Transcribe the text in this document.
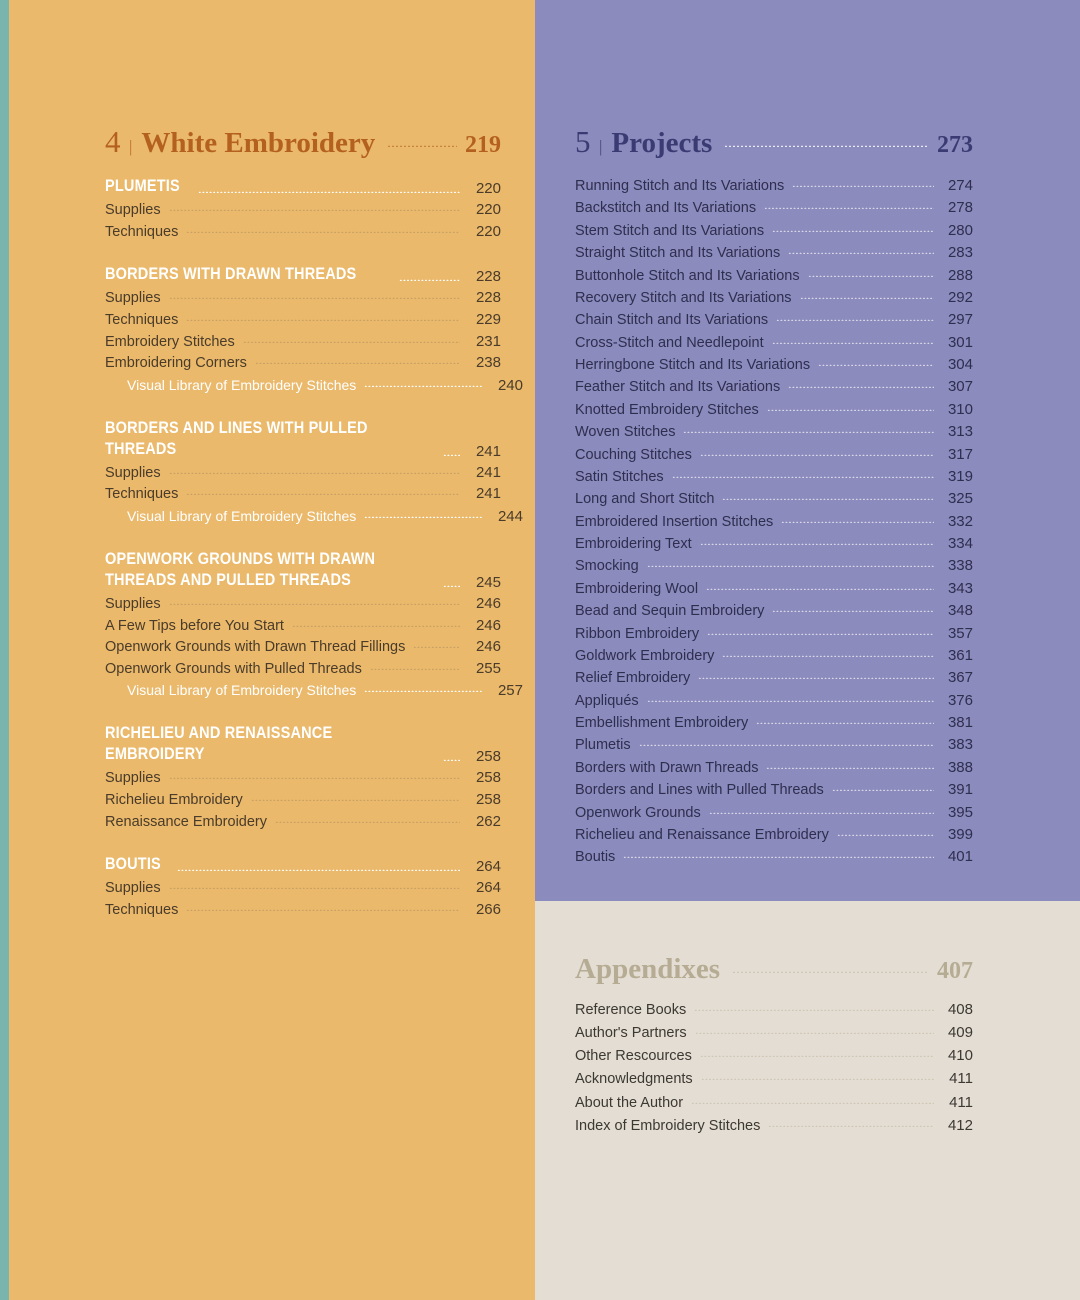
4 | White Embroidery	219
PLUMETIS	220
Supplies	220
Techniques	220
BORDERS WITH DRAWN THREADS	228
Supplies	228
Techniques	229
Embroidery Stitches	231
Embroidering Corners	238
Visual Library of Embroidery Stitches	240
BORDERS AND LINES WITH PULLED THREADS	241
Supplies	241
Techniques	241
Visual Library of Embroidery Stitches	244
OPENWORK GROUNDS WITH DRAWN THREADS AND PULLED THREADS	245
Supplies	246
A Few Tips before You Start	246
Openwork Grounds with Drawn Thread Fillings	246
Openwork Grounds with Pulled Threads	255
Visual Library of Embroidery Stitches	257
RICHELIEU AND RENAISSANCE EMBROIDERY	258
Supplies	258
Richelieu Embroidery	258
Renaissance Embroidery	262
BOUTIS	264
Supplies	264
Techniques	266
5 | Projects	273
Running Stitch and Its Variations	274
Backstitch and Its Variations	278
Stem Stitch and Its Variations	280
Straight Stitch and Its Variations	283
Buttonhole Stitch and Its Variations	288
Recovery Stitch and Its Variations	292
Chain Stitch and Its Variations	297
Cross-Stitch and Needlepoint	301
Herringbone Stitch and Its Variations	304
Feather Stitch and Its Variations	307
Knotted Embroidery Stitches	310
Woven Stitches	313
Couching Stitches	317
Satin Stitches	319
Long and Short Stitch	325
Embroidered Insertion Stitches	332
Embroidering Text	334
Smocking	338
Embroidering Wool	343
Bead and Sequin Embroidery	348
Ribbon Embroidery	357
Goldwork Embroidery	361
Relief Embroidery	367
Appliqués	376
Embellishment Embroidery	381
Plumetis	383
Borders with Drawn Threads	388
Borders and Lines with Pulled Threads	391
Openwork Grounds	395
Richelieu and Renaissance Embroidery	399
Boutis	401
Appendixes	407
Reference Books	408
Author's Partners	409
Other Rescources	410
Acknowledgments	411
About the Author	411
Index of Embroidery Stitches	412
